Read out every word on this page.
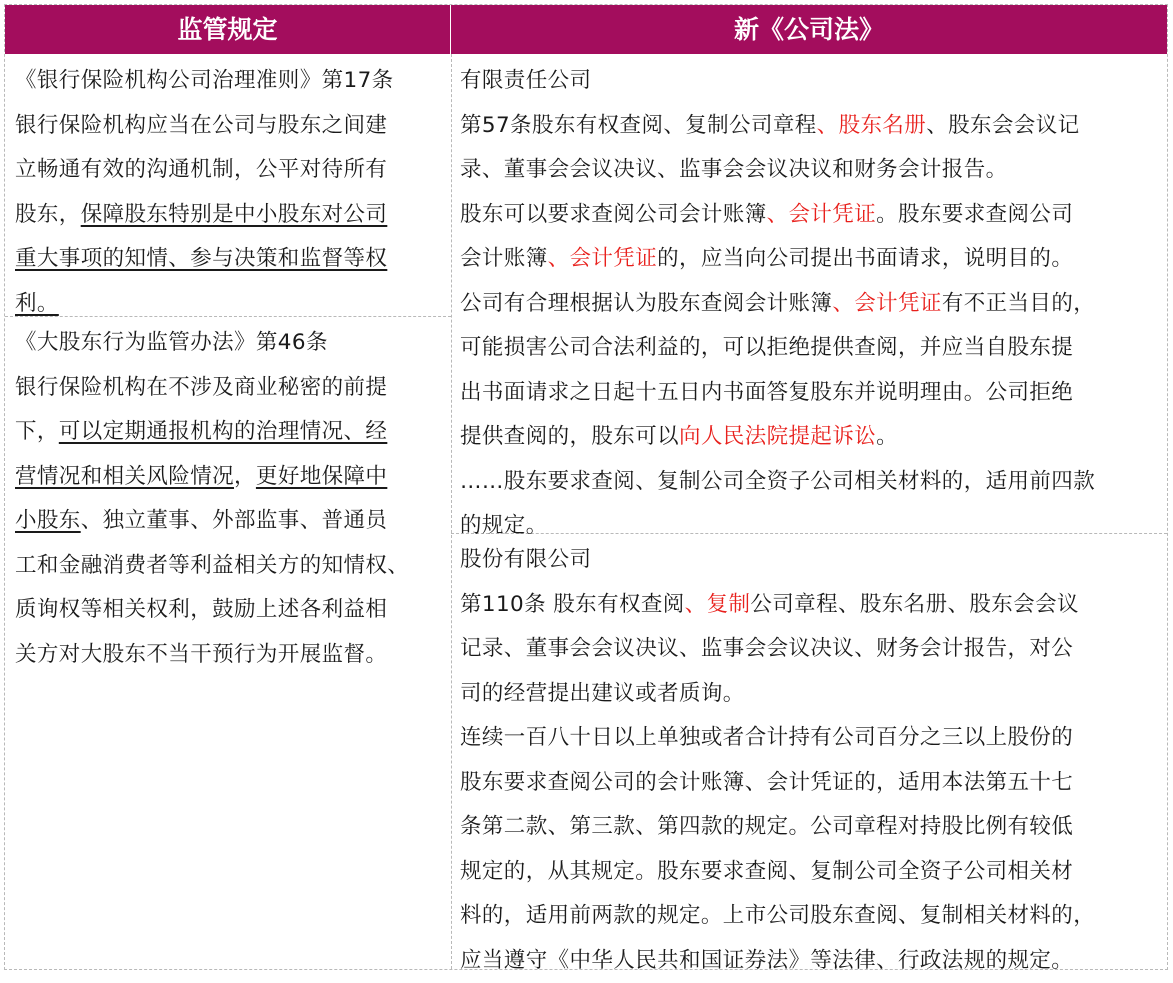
监管规定	新《公司法》
《银行保险机构公司治理准则》第17条
银行保险机构应当在公司与股东之间建
立畅通有效的沟通机制，公平对待所有
股东，保障股东特别是中小股东对公司
重大事项的知情、参与决策和监督等权
利。
《大股东行为监管办法》第46条
银行保险机构在不涉及商业秘密的前提
下，可以定期通报机构的治理情况、经
营情况和相关风险情况，更好地保障中
小股东、独立董事、外部监事、普通员
工和金融消费者等利益相关方的知情权、
质询权等相关权利，鼓励上述各利益相
关方对大股东不当干预行为开展监督。
有限责任公司
第57条股东有权查阅、复制公司章程、股东名册、股东会会议记
录、董事会会议决议、监事会会议决议和财务会计报告。
股东可以要求查阅公司会计账簿、会计凭证。股东要求查阅公司
会计账簿、会计凭证的，应当向公司提出书面请求，说明目的。
公司有合理根据认为股东查阅会计账簿、会计凭证有不正当目的，
可能损害公司合法利益的，可以拒绝提供查阅，并应当自股东提
出书面请求之日起十五日内书面答复股东并说明理由。公司拒绝
提供查阅的，股东可以向人民法院提起诉讼。
……股东要求查阅、复制公司全资子公司相关材料的，适用前四款
的规定。
股份有限公司
第110条 股东有权查阅、复制公司章程、股东名册、股东会会议
记录、董事会会议决议、监事会会议决议、财务会计报告，对公
司的经营提出建议或者质询。
连续一百八十日以上单独或者合计持有公司百分之三以上股份的
股东要求查阅公司的会计账簿、会计凭证的，适用本法第五十七
条第二款、第三款、第四款的规定。公司章程对持股比例有较低
规定的，从其规定。股东要求查阅、复制公司全资子公司相关材
料的，适用前两款的规定。上市公司股东查阅、复制相关材料的，
应当遵守《中华人民共和国证券法》等法律、行政法规的规定。
